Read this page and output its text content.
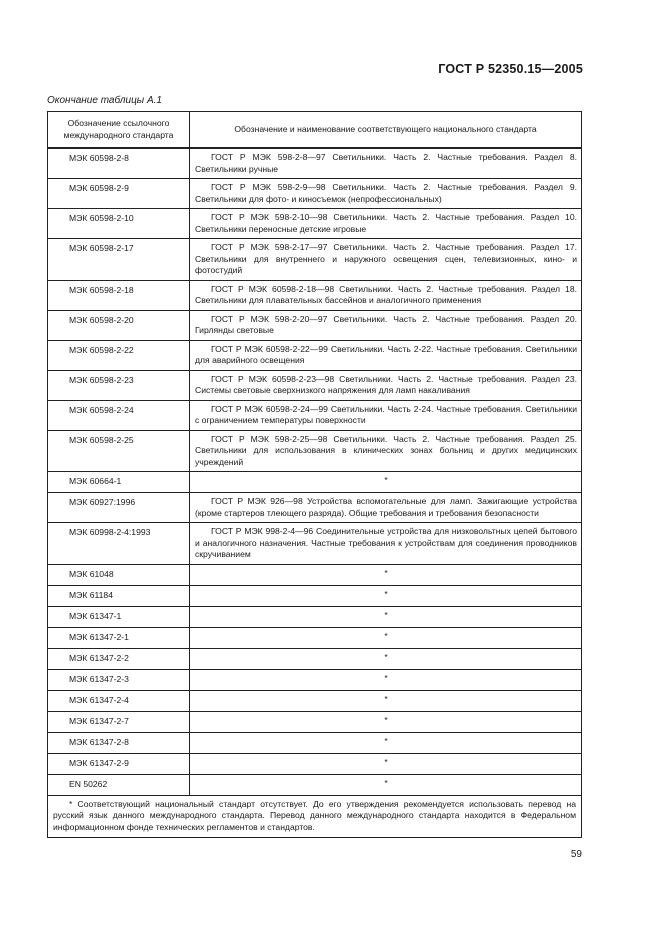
ГОСТ Р 52350.15—2005
Окончание таблицы А.1
Обозначение ссылочного международного стандарта	Обозначение и наименование соответствующего национального стандарта
МЭК 60598-2-8	ГОСТ Р МЭК 598-2-8—97 Светильники. Часть 2. Частные требования. Раздел 8. Светильники ручные
МЭК 60598-2-9	ГОСТ Р МЭК 598-2-9—98 Светильники. Часть 2. Частные требования. Раздел 9. Светильники для фото- и киносъемок (непрофессиональных)
МЭК 60598-2-10	ГОСТ Р МЭК 598-2-10—98 Светильники. Часть 2. Частные требования. Раздел 10. Светильники переносные детские игровые
МЭК 60598-2-17	ГОСТ Р МЭК 598-2-17—97 Светильники. Часть 2. Частные требования. Раздел 17. Светильники для внутреннего и наружного освещения сцен, телевизионных, кино- и фотостудий
МЭК 60598-2-18	ГОСТ Р МЭК 60598-2-18—98 Светильники. Часть 2. Частные требования. Раздел 18. Светильники для плавательных бассейнов и аналогичного применения
МЭК 60598-2-20	ГОСТ Р МЭК 598-2-20—97 Светильники. Часть 2. Частные требования. Раздел 20. Гирлянды световые
МЭК 60598-2-22	ГОСТ Р МЭК 60598-2-22—99 Светильники. Часть 2-22. Частные требования. Светильники для аварийного освещения
МЭК 60598-2-23	ГОСТ Р МЭК 60598-2-23—98 Светильники. Часть 2. Частные требования. Раздел 23. Системы световые сверхнизкого напряжения для ламп накаливания
МЭК 60598-2-24	ГОСТ Р МЭК 60598-2-24—99 Светильники. Часть 2-24. Частные требования. Светильники с ограничением температуры поверхности
МЭК 60598-2-25	ГОСТ Р МЭК 598-2-25—98 Светильники. Часть 2. Частные требования. Раздел 25. Светильники для использования в клинических зонах больниц и других медицинских учреждений
МЭК 60664-1	*
МЭК 60927:1996	ГОСТ Р МЭК 926—98 Устройства вспомогательные для ламп. Зажигающие устройства (кроме стартеров тлеющего разряда). Общие требования и требования безопасности
МЭК 60998-2-4:1993	ГОСТ Р МЭК 998-2-4—96 Соединительные устройства для низковольтных цепей бытового и аналогичного назначения. Частные требования к устройствам для соединения проводников скручиванием
МЭК 61048	*
МЭК 61184	*
МЭК 61347-1	*
МЭК 61347-2-1	*
МЭК 61347-2-2	*
МЭК 61347-2-3	*
МЭК 61347-2-4	*
МЭК 61347-2-7	*
МЭК 61347-2-8	*
МЭК 61347-2-9	*
EN 50262	*
* Соответствующий национальный стандарт отсутствует. До его утверждения рекомендуется использовать перевод на русский язык данного международного стандарта. Перевод данного международного стандарта находится в Федеральном информационном фонде технических регламентов и стандартов.	
59
